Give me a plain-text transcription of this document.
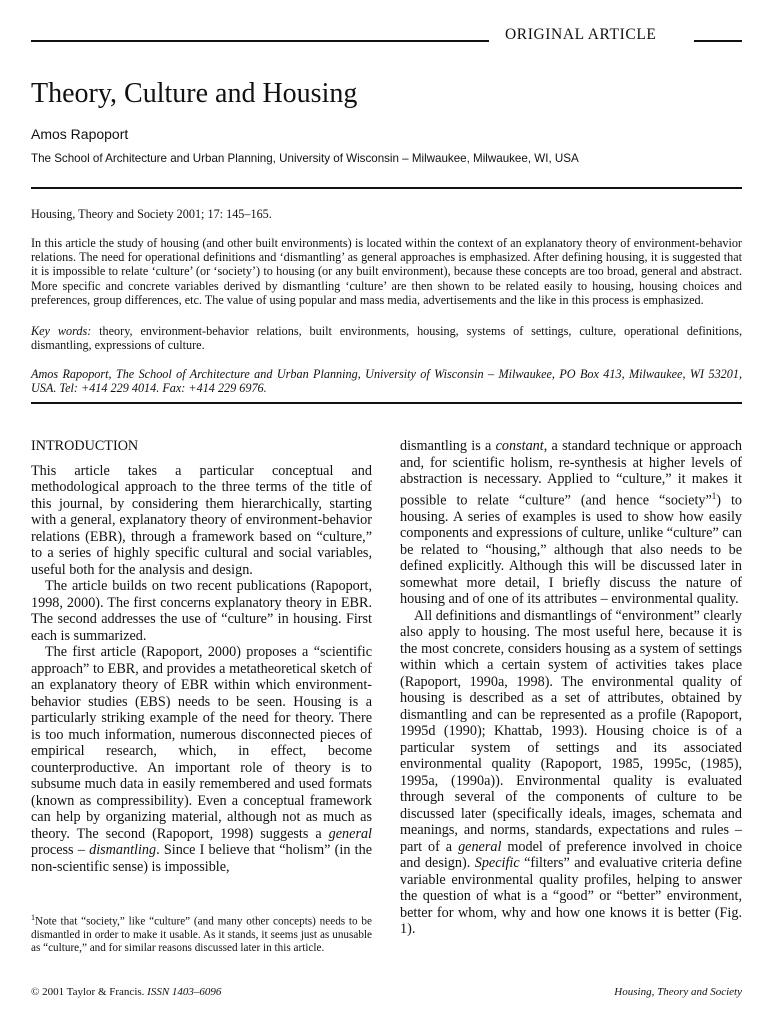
ORIGINAL ARTICLE
Theory, Culture and Housing
Amos Rapoport
The School of Architecture and Urban Planning, University of Wisconsin – Milwaukee, Milwaukee, WI, USA
Housing, Theory and Society 2001; 17: 145–165.
In this article the study of housing (and other built environments) is located within the context of an explanatory theory of environment-behavior relations. The need for operational definitions and ‘dismantling’ as general approaches is emphasized. After defining housing, it is suggested that it is impossible to relate ‘culture’ (or ‘society’) to housing (or any built environment), because these concepts are too broad, general and abstract. More specific and concrete variables derived by dismantling ‘culture’ are then shown to be related easily to housing, housing choices and preferences, group differences, etc. The value of using popular and mass media, advertisements and the like in this process is emphasized.
Key words: theory, environment-behavior relations, built environments, housing, systems of settings, culture, operational definitions, dismantling, expressions of culture.
Amos Rapoport, The School of Architecture and Urban Planning, University of Wisconsin – Milwaukee, PO Box 413, Milwaukee, WI 53201, USA. Tel: +414 229 4014. Fax: +414 229 6976.

INTRODUCTION

This article takes a particular conceptual and methodological approach to the three terms of the title of this journal, by considering them hierarchically, starting with a general, explanatory theory of environment-behavior relations (EBR), through a framework based on “culture,” to a series of highly specific cultural and social variables, useful both for the analysis and design.

The article builds on two recent publications (Rapoport, 1998, 2000). The first concerns explanatory theory in EBR. The second addresses the use of “culture” in housing. First each is summarized.

The first article (Rapoport, 2000) proposes a “scientific approach” to EBR, and provides a metatheoretical sketch of an explanatory theory of EBR within which environment-behavior studies (EBS) needs to be seen. Housing is a particularly striking example of the need for theory. There is too much information, numerous disconnected pieces of empirical research, which, in effect, become counterproductive. An important role of theory is to subsume much data in easily remembered and used formats (known as compressibility). Even a conceptual framework can help by organizing material, although not as much as theory. The second (Rapoport, 1998) suggests a general process – dismantling. Since I believe that “holism” (in the non-scientific sense) is impossible,

$^1$Note that “society,” like “culture” (and many other concepts) needs to be dismantled in order to make it usable. As it stands, it seems just as unusable as “culture,” and for similar reasons discussed later in this article.

dismantling is a constant, a standard technique or approach and, for scientific holism, re-synthesis at higher levels of abstraction is necessary. Applied to “culture,” it makes it possible to relate “culture” (and hence “society”$^1$) to housing. A series of examples is used to show how easily components and expressions of culture, unlike “culture” can be related to “housing,” although that also needs to be defined explicitly. Although this will be discussed later in somewhat more detail, I briefly discuss the nature of housing and of one of its attributes – environmental quality.

All definitions and dismantlings of “environment” clearly also apply to housing. The most useful here, because it is the most concrete, considers housing as a system of settings within which a certain system of activities takes place (Rapoport, 1990a, 1998). The environmental quality of housing is described as a set of attributes, obtained by dismantling and can be represented as a profile (Rapoport, 1995d (1990); Khattab, 1993). Housing choice is of a particular system of settings and its associated environmental quality (Rapoport, 1985, 1995c, (1985), 1995a, (1990a)). Environmental quality is evaluated through several of the components of culture to be discussed later (specifically ideals, images, schemata and meanings, and norms, standards, expectations and rules – part of a general model of preference involved in choice and design). Specific “filters” and evaluative criteria define variable environmental quality profiles, helping to answer the question of what is a “good” or “better” environment, better for whom, why and how one knows it is better (Fig. 1).

© 2001 Taylor & Francis. ISSN 1403–6096	Housing, Theory and Society
